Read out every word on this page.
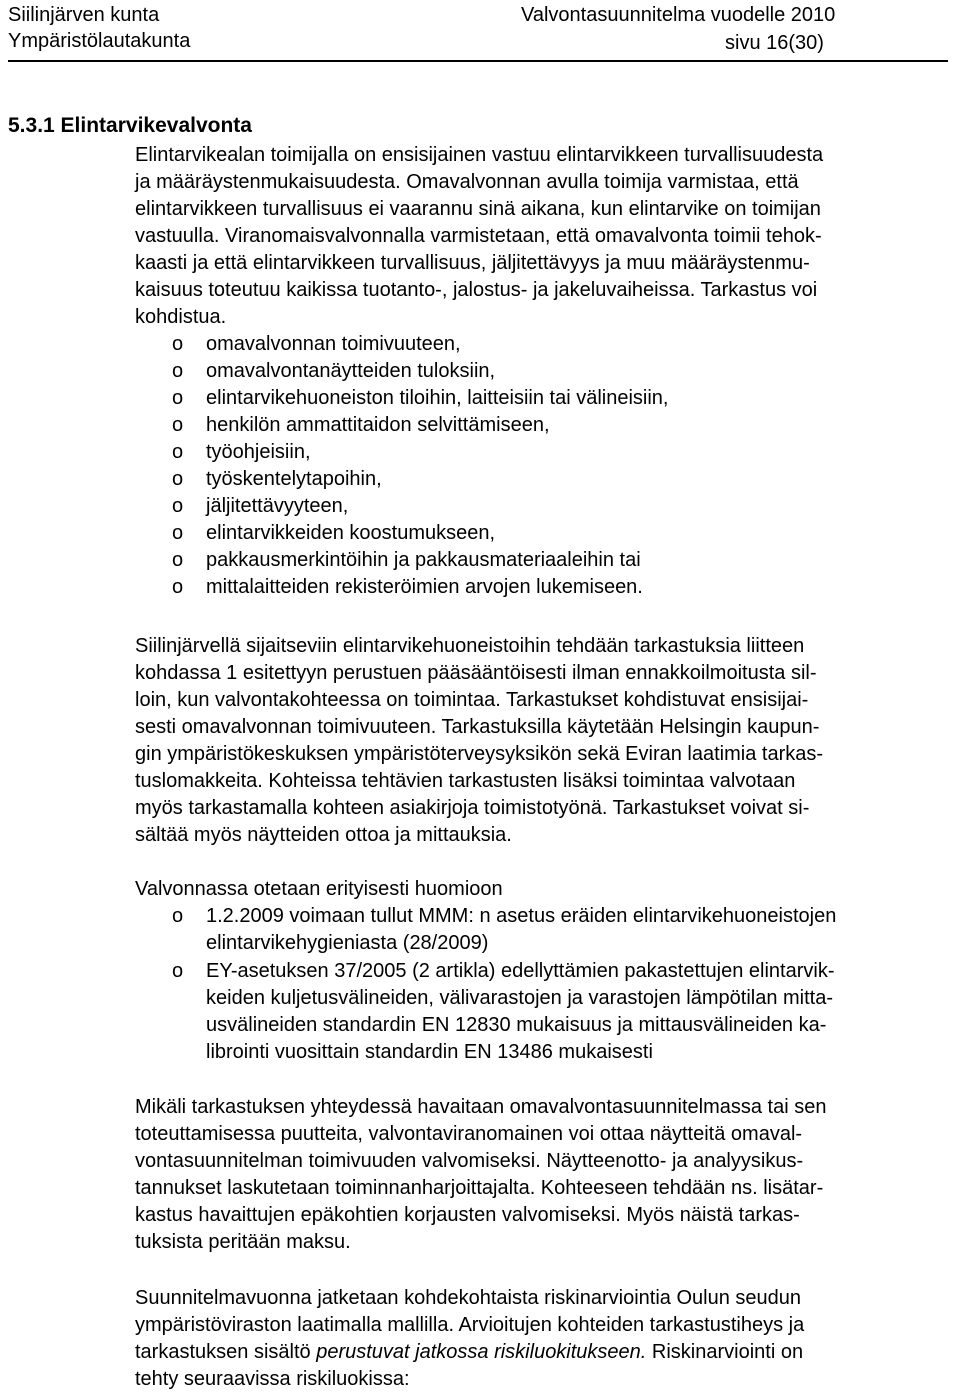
Siilinjärven kunta
Ympäristölautakunta
Valvontasuunnitelma vuodelle 2010
sivu 16(30)
5.3.1 Elintarvikevalvonta

Elintarvikealan toimijalla on ensisijainen vastuu elintarvikkeen turvallisuudesta

ja määräystenmukaisuudesta. Omavalvonnan avulla toimija varmistaa, että

elintarvikkeen turvallisuus ei vaarannu sinä aikana, kun elintarvike on toimijan

vastuulla. Viranomaisvalvonnalla varmistetaan, että omavalvonta toimii tehok-

kaasti ja että elintarvikkeen turvallisuus, jäljitettävyys ja muu määräystenmu-

kaisuus toteutuu kaikissa tuotanto-, jalostus- ja jakeluvaiheissa. Tarkastus voi

kohdistua.

o omavalvonnan toimivuuteen,
o omavalvontanäytteiden tuloksiin,
o elintarvikehuoneiston tiloihin, laitteisiin tai välineisiin,
o henkilön ammattitaidon selvittämiseen,
o työohjeisiin,
o työskentelytapoihin,
o jäljitettävyyteen,
o elintarvikkeiden koostumukseen,
o pakkausmerkintöihin ja pakkausmateriaaleihin tai
o mittalaitteiden rekisteröimien arvojen lukemiseen.

Siilinjärvellä sijaitseviin elintarvikehuoneistoihin tehdään tarkastuksia liitteen

kohdassa 1 esitettyyn perustuen pääsääntöisesti ilman ennakkoilmoitusta sil-

loin, kun valvontakohteessa on toimintaa. Tarkastukset kohdistuvat ensisijai-

sesti omavalvonnan toimivuuteen. Tarkastuksilla käytetään Helsingin kaupun-

gin ympäristökeskuksen ympäristöterveysyksikön sekä Eviran laatimia tarkas-

tuslomakkeita. Kohteissa tehtävien tarkastusten lisäksi toimintaa valvotaan

myös tarkastamalla kohteen asiakirjoja toimistotyönä. Tarkastukset voivat si-

sältää myös näytteiden ottoa ja mittauksia.

Valvonnassa otetaan erityisesti huomioon

o 1.2.2009 voimaan tullut MMM: n asetus eräiden elintarvikehuoneistojen

elintarvikehygieniasta (28/2009)

o EY-asetuksen 37/2005 (2 artikla) edellyttämien pakastettujen elintarvik-

keiden kuljetusvälineiden, välivarastojen ja varastojen lämpötilan mitta-

usvälineiden standardin EN 12830 mukaisuus ja mittausvälineiden ka-

librointi vuosittain standardin EN 13486 mukaisesti

Mikäli tarkastuksen yhteydessä havaitaan omavalvontasuunnitelmassa tai sen

toteuttamisessa puutteita, valvontaviranomainen voi ottaa näytteitä omaval-

vontasuunnitelman toimivuuden valvomiseksi. Näytteenotto- ja analyysikus-

tannukset laskutetaan toiminnanharjoittajalta. Kohteeseen tehdään ns. lisätar-

kastus havaittujen epäkohtien korjausten valvomiseksi. Myös näistä tarkas-

tuksista peritään maksu.

Suunnitelmavuonna jatketaan kohdekohtaista riskinarviointia Oulun seudun

ympäristöviraston laatimalla mallilla. Arvioitujen kohteiden tarkastustiheys ja

tarkastuksen sisältö perustuvat jatkossa riskiluokitukseen. Riskinarviointi on

tehty seuraavissa riskiluokissa:
